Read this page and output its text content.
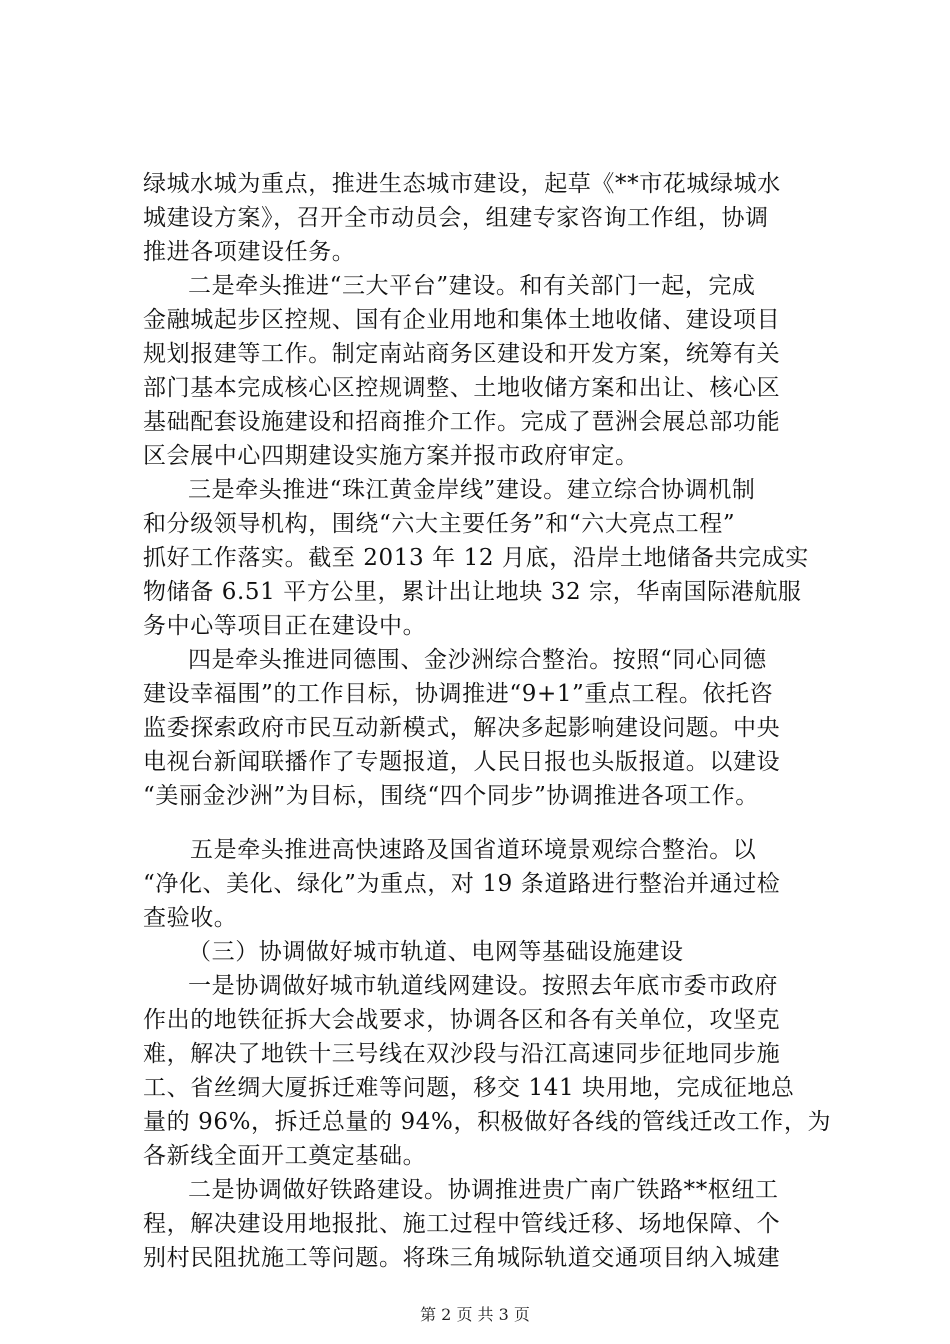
绿城水城为重点，推进生态城市建设，起草《**市花城绿城水
城建设方案》，召开全市动员会，组建专家咨询工作组，协调
推进各项建设任务。
二是牵头推进“三大平台”建设。和有关部门一起，完成
金融城起步区控规、国有企业用地和集体土地收储、建设项目
规划报建等工作。制定南站商务区建设和开发方案，统筹有关
部门基本完成核心区控规调整、土地收储方案和出让、核心区
基础配套设施建设和招商推介工作。完成了琶洲会展总部功能
区会展中心四期建设实施方案并报市政府审定。
三是牵头推进“珠江黄金岸线”建设。建立综合协调机制
和分级领导机构，围绕“六大主要任务”和“六大亮点工程”
抓好工作落实。截至 2013 年 12 月底，沿岸土地储备共完成实
物储备 6.51 平方公里，累计出让地块 32 宗，华南国际港航服
务中心等项目正在建设中。
四是牵头推进同德围、金沙洲综合整治。按照“同心同德
建设幸福围”的工作目标，协调推进“9+1”重点工程。依托咨
监委探索政府市民互动新模式，解决多起影响建设问题。中央
电视台新闻联播作了专题报道，人民日报也头版报道。以建设
“美丽金沙洲”为目标，围绕“四个同步”协调推进各项工作。
五是牵头推进高快速路及国省道环境景观综合整治。以
“净化、美化、绿化”为重点，对 19 条道路进行整治并通过检
查验收。
（三）协调做好城市轨道、电网等基础设施建设
一是协调做好城市轨道线网建设。按照去年底市委市政府
作出的地铁征拆大会战要求，协调各区和各有关单位，攻坚克
难，解决了地铁十三号线在双沙段与沿江高速同步征地同步施
工、省丝绸大厦拆迁难等问题，移交 141 块用地，完成征地总
量的 96%，拆迁总量的 94%，积极做好各线的管线迁改工作，为
各新线全面开工奠定基础。
二是协调做好铁路建设。协调推进贵广南广铁路**枢纽工
程，解决建设用地报批、施工过程中管线迁移、场地保障、个
别村民阻扰施工等问题。将珠三角城际轨道交通项目纳入城建
第 2 页 共 3 页
